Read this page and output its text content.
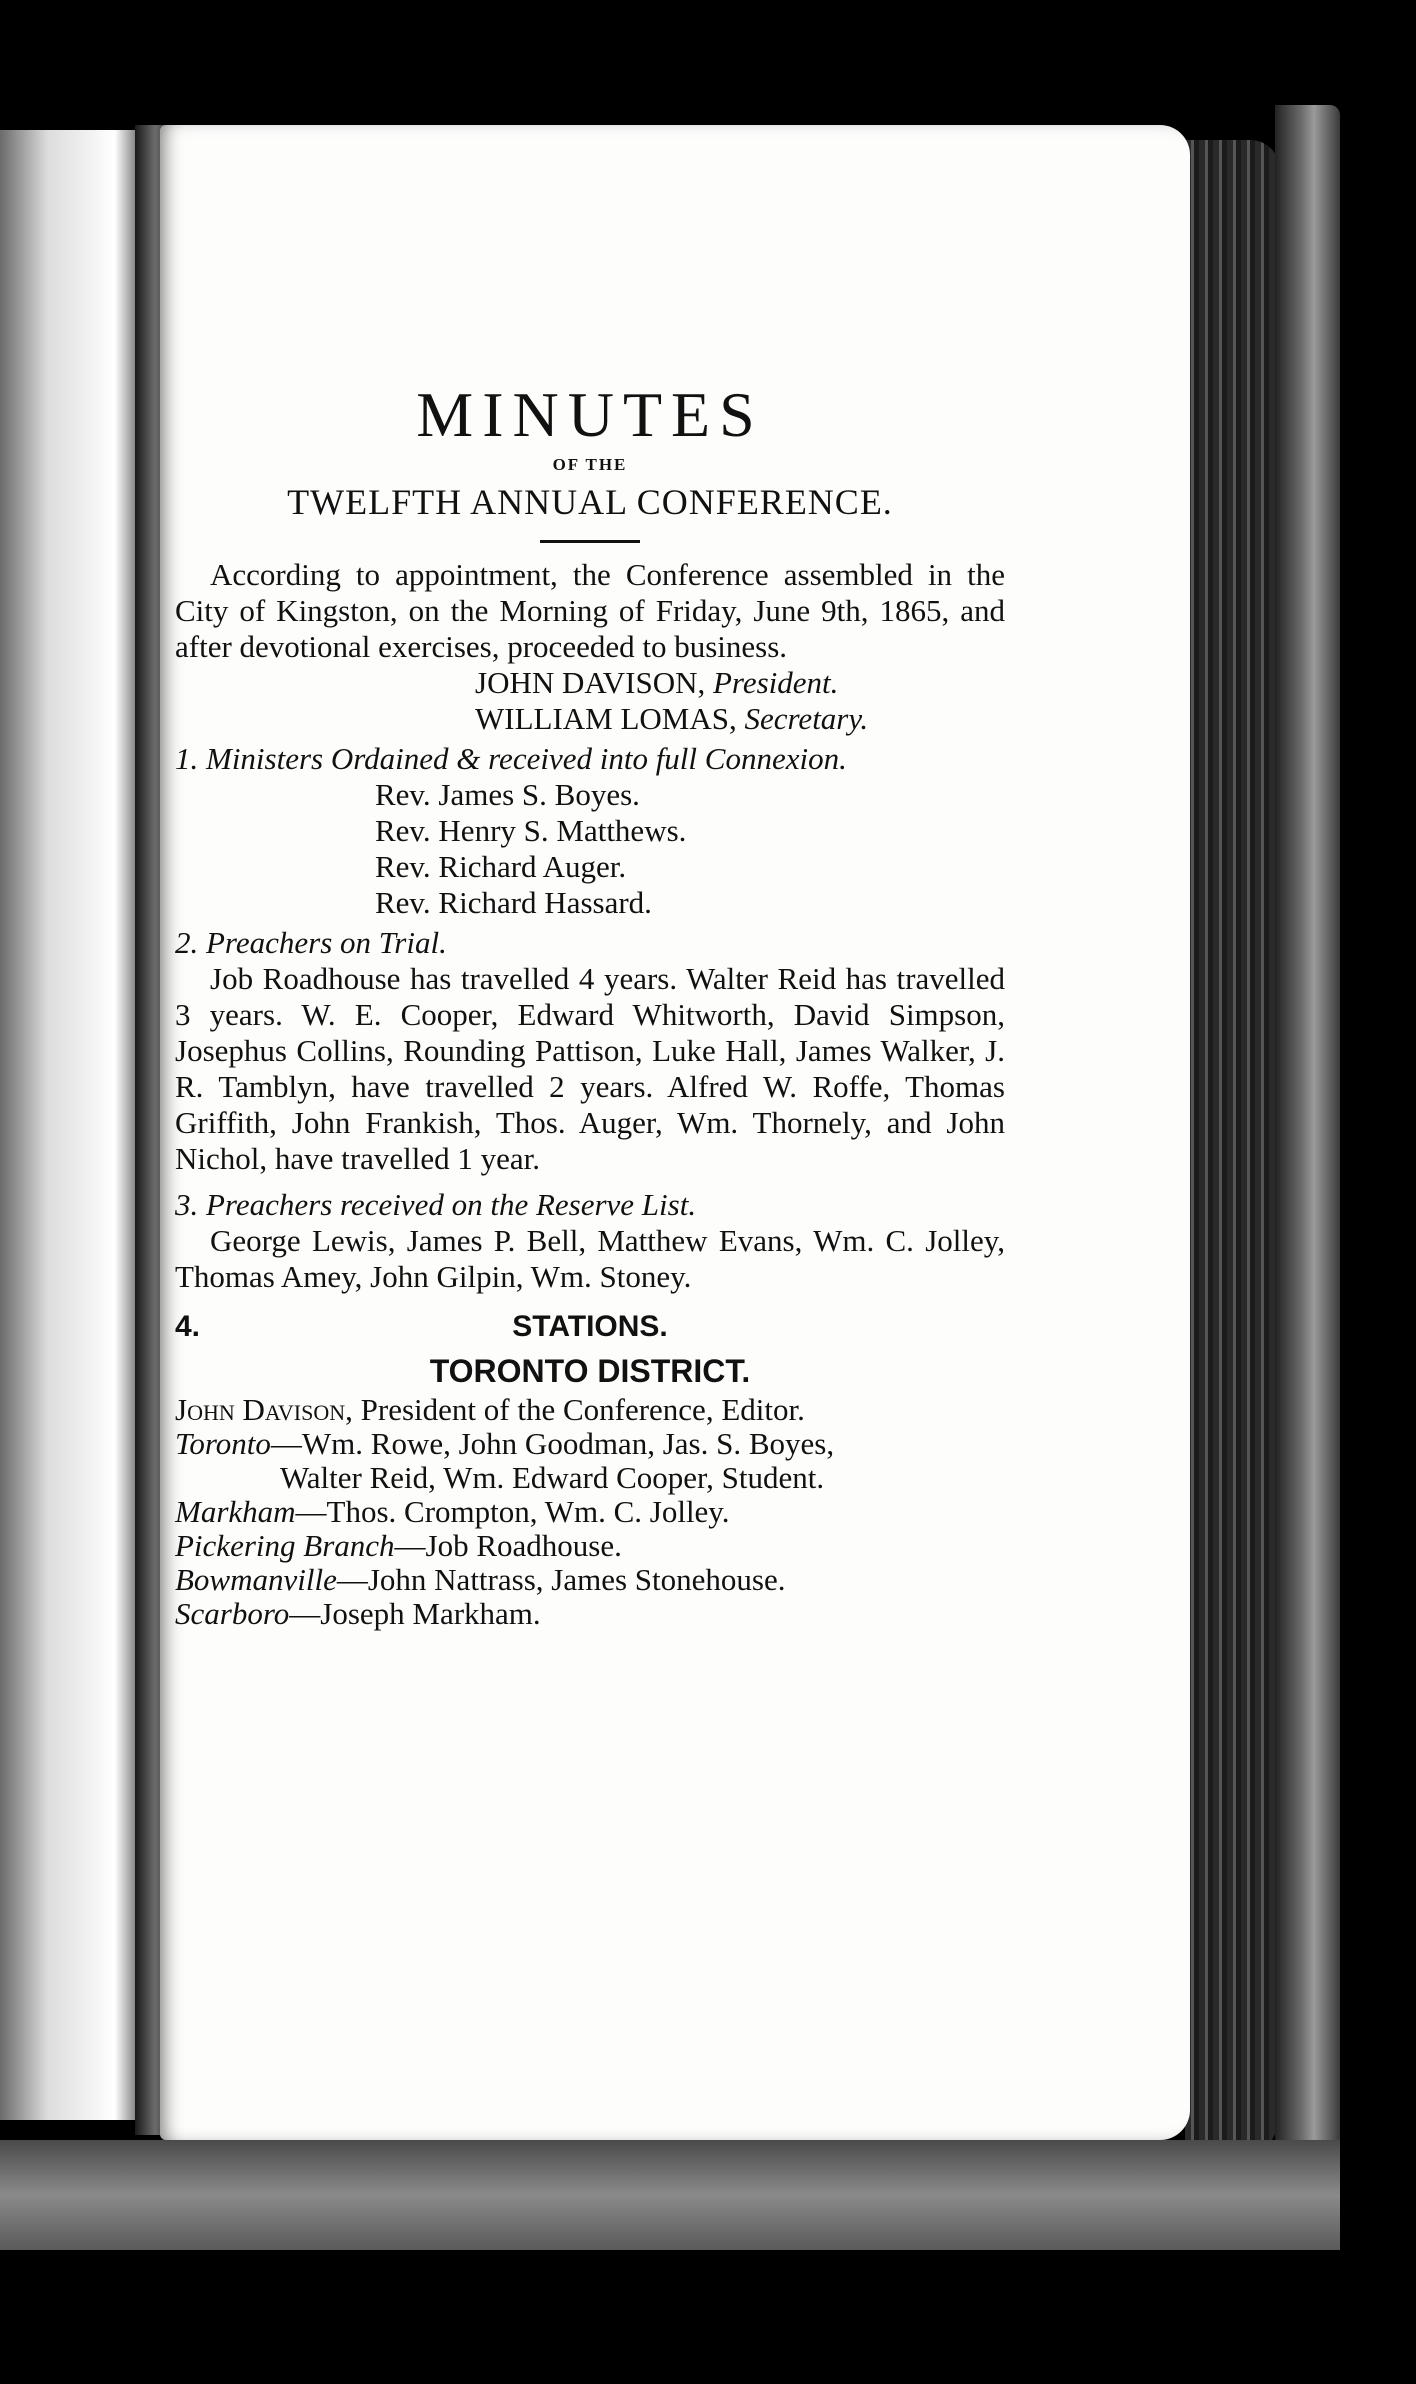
MINUTES
OF THE
TWELFTH ANNUAL CONFERENCE.
According to appointment, the Conference assembled in the City of Kingston, on the Morning of Friday, June 9th, 1865, and after devotional exercises, proceeded to business.
JOHN DAVISON, President.
WILLIAM LOMAS, Secretary.
1. Ministers Ordained & received into full Connexion.
Rev. James S. Boyes.
Rev. Henry S. Matthews.
Rev. Richard Auger.
Rev. Richard Hassard.
2. Preachers on Trial.
Job Roadhouse has travelled 4 years. Walter Reid has travelled 3 years. W. E. Cooper, Edward Whitworth, David Simpson, Josephus Collins, Rounding Pattison, Luke Hall, James Walker, J. R. Tamblyn, have travelled 2 years. Alfred W. Roffe, Thomas Griffith, John Frankish, Thos. Auger, Wm. Thornely, and John Nichol, have travelled 1 year.
3. Preachers received on the Reserve List.
George Lewis, James P. Bell, Matthew Evans, Wm. C. Jolley, Thomas Amey, John Gilpin, Wm. Stoney.
4.	STATIONS.
TORONTO DISTRICT.
John Davison, President of the Conference, Editor.
Toronto—Wm. Rowe, John Goodman, Jas. S. Boyes,
Walter Reid, Wm. Edward Cooper, Student.
Markham—Thos. Crompton, Wm. C. Jolley.
Pickering Branch—Job Roadhouse.
Bowmanville—John Nattrass, James Stonehouse.
Scarboro—Joseph Markham.
